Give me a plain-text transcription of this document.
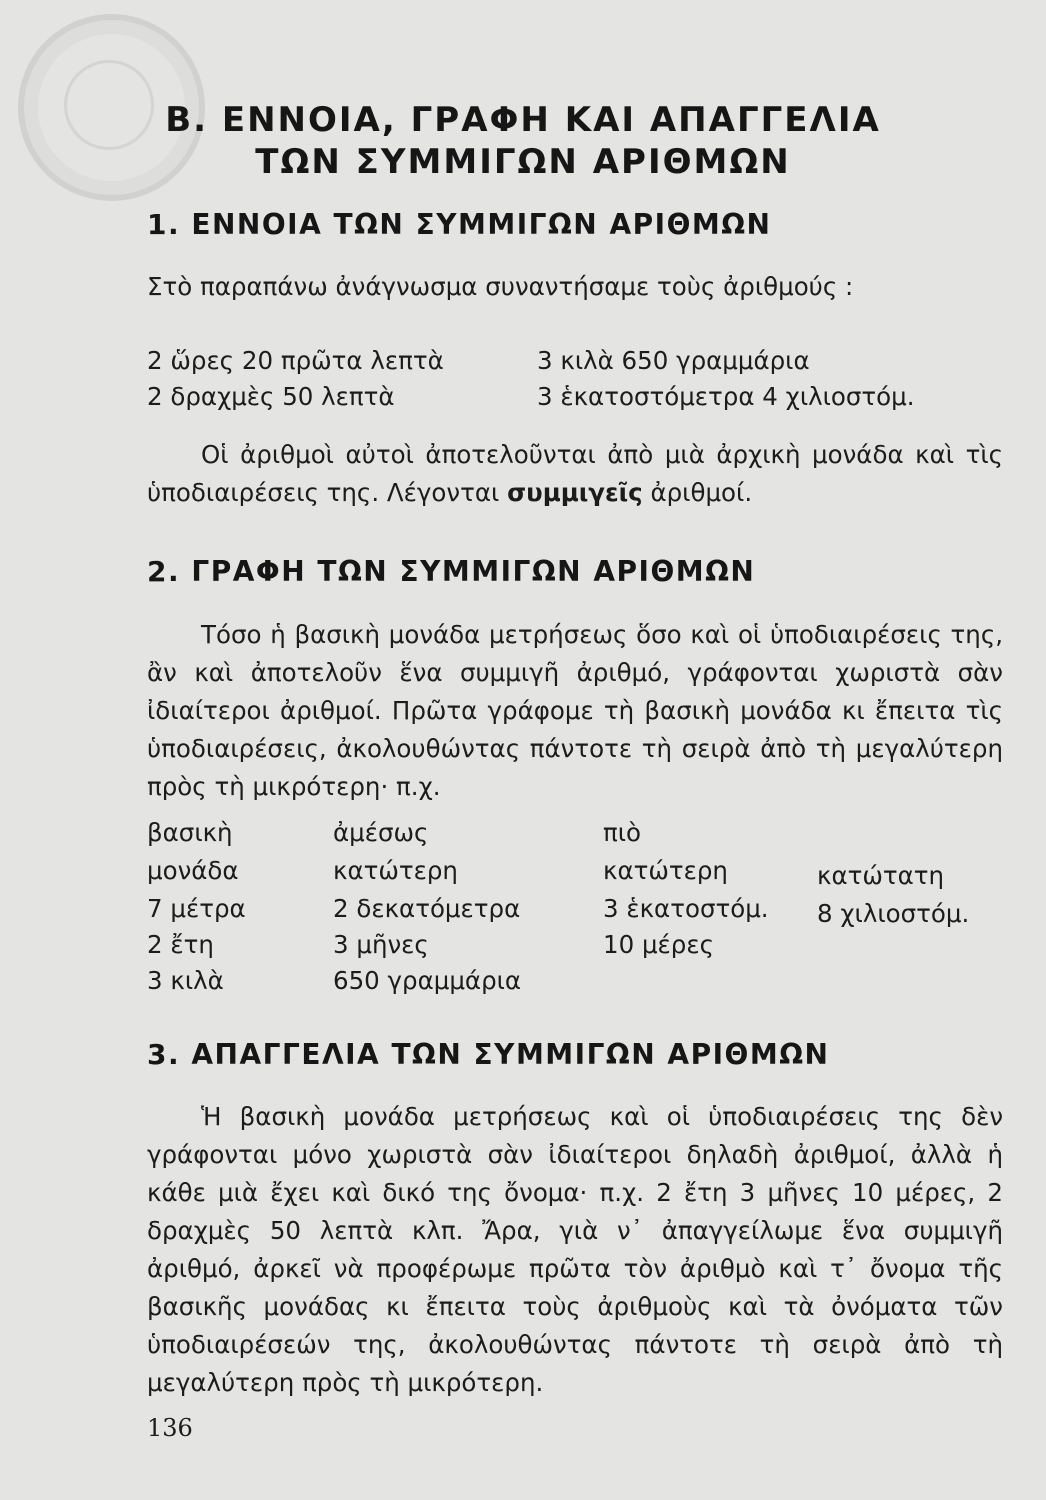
Β. ΕΝΝΟΙΑ, ΓΡΑΦΗ ΚΑΙ ΑΠΑΓΓΕΛΙΑ
ΤΩΝ ΣΥΜΜΙΓΩΝ ΑΡΙΘΜΩΝ
1. ΕΝΝΟΙΑ ΤΩΝ ΣΥΜΜΙΓΩΝ ΑΡΙΘΜΩΝ

Στὸ παραπάνω ἀνάγνωσμα συναντήσαμε τοὺς ἀριθμούς :

2 ὥρες 20 πρῶτα λεπτὰ	3 κιλὰ 650 γραμμάρια
2 δραχμὲς 50 λεπτὰ	3 ἑκατοστόμετρα 4 χιλιοστόμ.

Οἱ ἀριθμοὶ αὐτοὶ ἀποτελοῦνται ἀπὸ μιὰ ἀρχικὴ μονάδα καὶ τὶς ὑποδιαιρέσεις της. Λέγονται συμμιγεῖς ἀριθμοί.

2. ΓΡΑΦΗ ΤΩΝ ΣΥΜΜΙΓΩΝ ΑΡΙΘΜΩΝ

Τόσο ἡ βασικὴ μονάδα μετρήσεως ὅσο καὶ οἱ ὑποδιαιρέσεις της, ἂν καὶ ἀποτελοῦν ἕνα συμμιγῆ ἀριθμό, γράφονται χωριστὰ σὰν ἰδιαίτεροι ἀριθμοί. Πρῶτα γράφομε τὴ βασικὴ μονάδα κι ἔπειτα τὶς ὑποδιαιρέσεις, ἀκολουθώντας πάντοτε τὴ σειρὰ ἀπὸ τὴ μεγαλύτερη πρὸς τὴ μικρότερη· π.χ.

βασικὴ
μονάδα
7 μέτρα
2 ἔτη
3 κιλὰ
ἀμέσως
κατώτερη
2 δεκατόμετρα
3 μῆνες
650 γραμμάρια
πιὸ
κατώτερη
3 ἑκατοστόμ.
10 μέρες
κατώτατη
8 χιλιοστόμ.
3. ΑΠΑΓΓΕΛΙΑ ΤΩΝ ΣΥΜΜΙΓΩΝ ΑΡΙΘΜΩΝ

Ἡ βασικὴ μονάδα μετρήσεως καὶ οἱ ὑποδιαιρέσεις της δὲν γράφονται μόνο χωριστὰ σὰν ἰδιαίτεροι δηλαδὴ ἀριθμοί, ἀλλὰ ἡ κάθε μιὰ ἔχει καὶ δικό της ὄνομα· π.χ. 2 ἔτη 3 μῆνες 10 μέρες, 2 δραχμὲς 50 λεπτὰ κλπ. Ἄρα, γιὰ ν᾽ ἀπαγγείλωμε ἕνα συμμιγῆ ἀριθμό, ἀρκεῖ νὰ προφέρωμε πρῶτα τὸν ἀριθμὸ καὶ τ᾽ ὄνομα τῆς βασικῆς μονάδας κι ἔπειτα τοὺς ἀριθμοὺς καὶ τὰ ὀνόματα τῶν ὑποδιαιρέσεών της, ἀκολουθώντας πάντοτε τὴ σειρὰ ἀπὸ τὴ μεγαλύτερη πρὸς τὴ μικρότερη.

136
